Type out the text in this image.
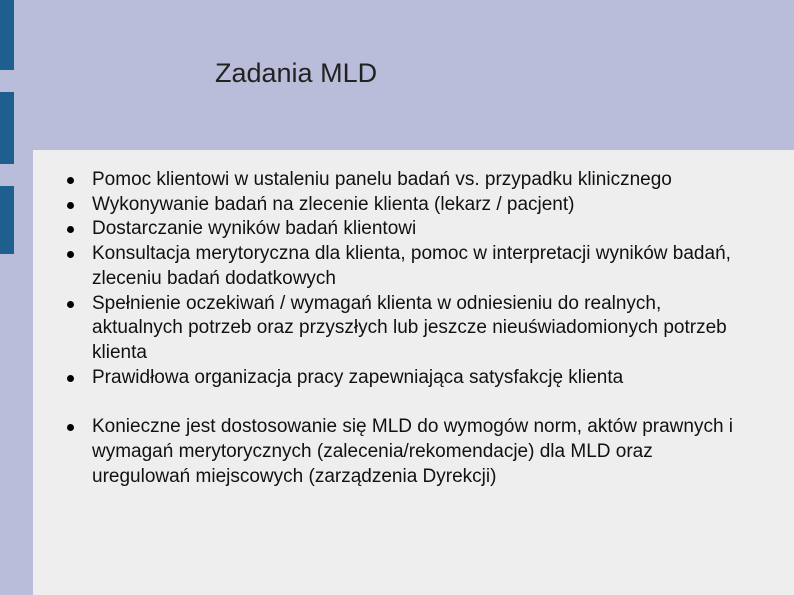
Zadania MLD
Pomoc klientowi w ustaleniu panelu badań vs. przypadku klinicznego
Wykonywanie badań na zlecenie klienta (lekarz / pacjent)
Dostarczanie wyników badań klientowi
Konsultacja merytoryczna dla klienta, pomoc w interpretacji wyników badań, zleceniu badań dodatkowych
Spełnienie oczekiwań / wymagań klienta w odniesieniu do realnych, aktualnych potrzeb oraz przyszłych lub jeszcze nieuświadomionych potrzeb klienta
Prawidłowa organizacja pracy zapewniająca satysfakcję klienta
Konieczne jest dostosowanie się MLD do wymogów norm, aktów prawnych i wymagań merytorycznych (zalecenia/rekomendacje) dla MLD oraz uregulowań miejscowych (zarządzenia Dyrekcji)
